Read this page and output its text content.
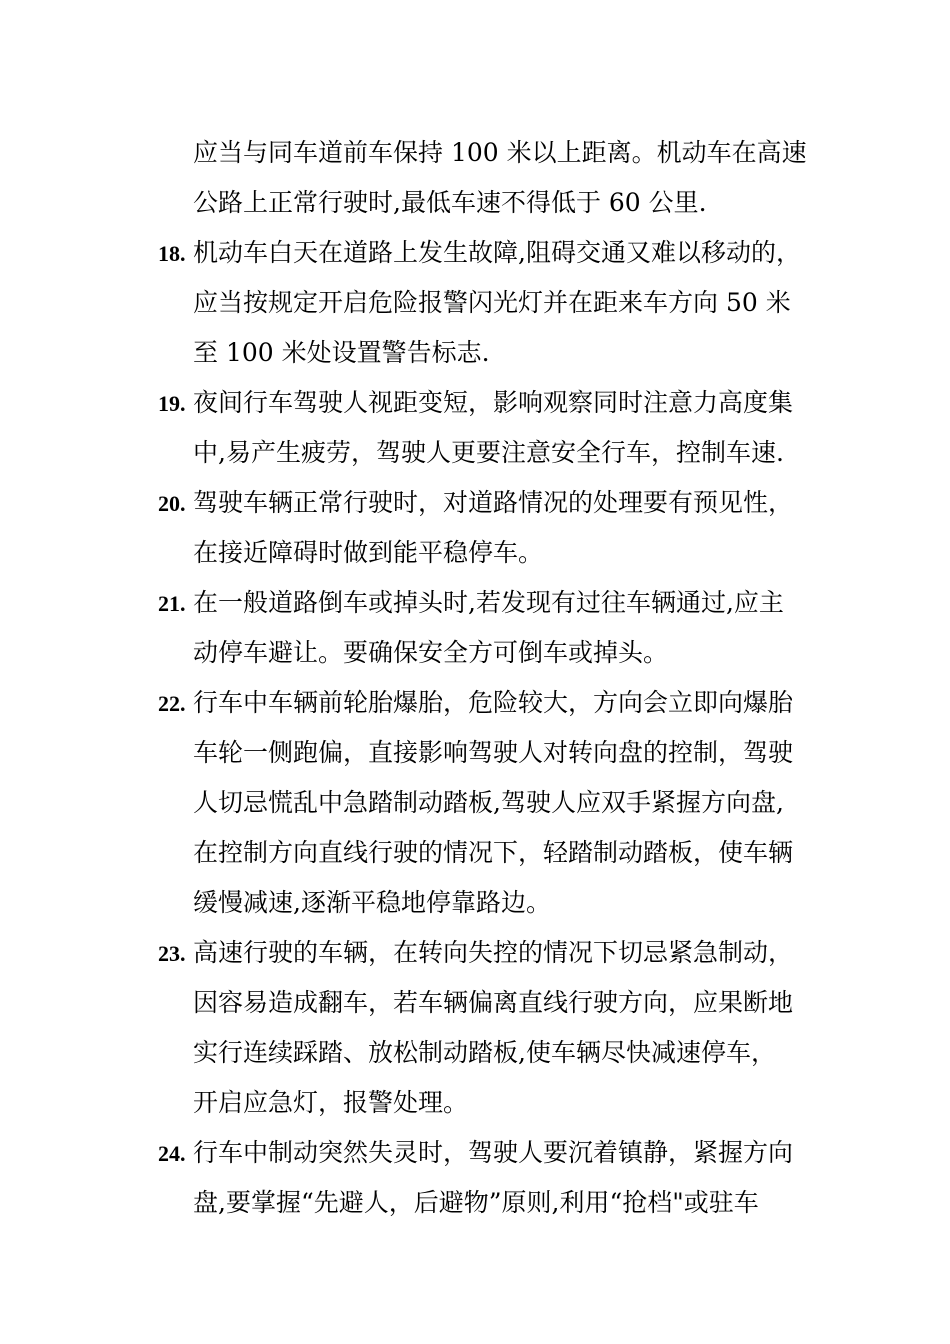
应当与同车道前车保持 100 米以上距离。机动车在高速
公路上正常行驶时,最低车速不得低于 60 公里.
18. 机动车白天在道路上发生故障,阻碍交通又难以移动的，
应当按规定开启危险报警闪光灯并在距来车方向 50 米
至 100 米处设置警告标志.
19. 夜间行车驾驶人视距变短，影响观察同时注意力高度集
中,易产生疲劳，驾驶人更要注意安全行车，控制车速.
20. 驾驶车辆正常行驶时，对道路情况的处理要有预见性，
在接近障碍时做到能平稳停车。
21. 在一般道路倒车或掉头时,若发现有过往车辆通过,应主
动停车避让。要确保安全方可倒车或掉头。
22. 行车中车辆前轮胎爆胎，危险较大，方向会立即向爆胎
车轮一侧跑偏，直接影响驾驶人对转向盘的控制，驾驶
人切忌慌乱中急踏制动踏板,驾驶人应双手紧握方向盘,
在控制方向直线行驶的情况下，轻踏制动踏板，使车辆
缓慢减速,逐渐平稳地停靠路边。
23. 高速行驶的车辆，在转向失控的情况下切忌紧急制动，
因容易造成翻车，若车辆偏离直线行驶方向，应果断地
实行连续踩踏、放松制动踏板,使车辆尽快减速停车，
开启应急灯，报警处理。
24. 行车中制动突然失灵时，驾驶人要沉着镇静，紧握方向
盘,要掌握“先避人，后避物”原则,利用“抢档"或驻车
